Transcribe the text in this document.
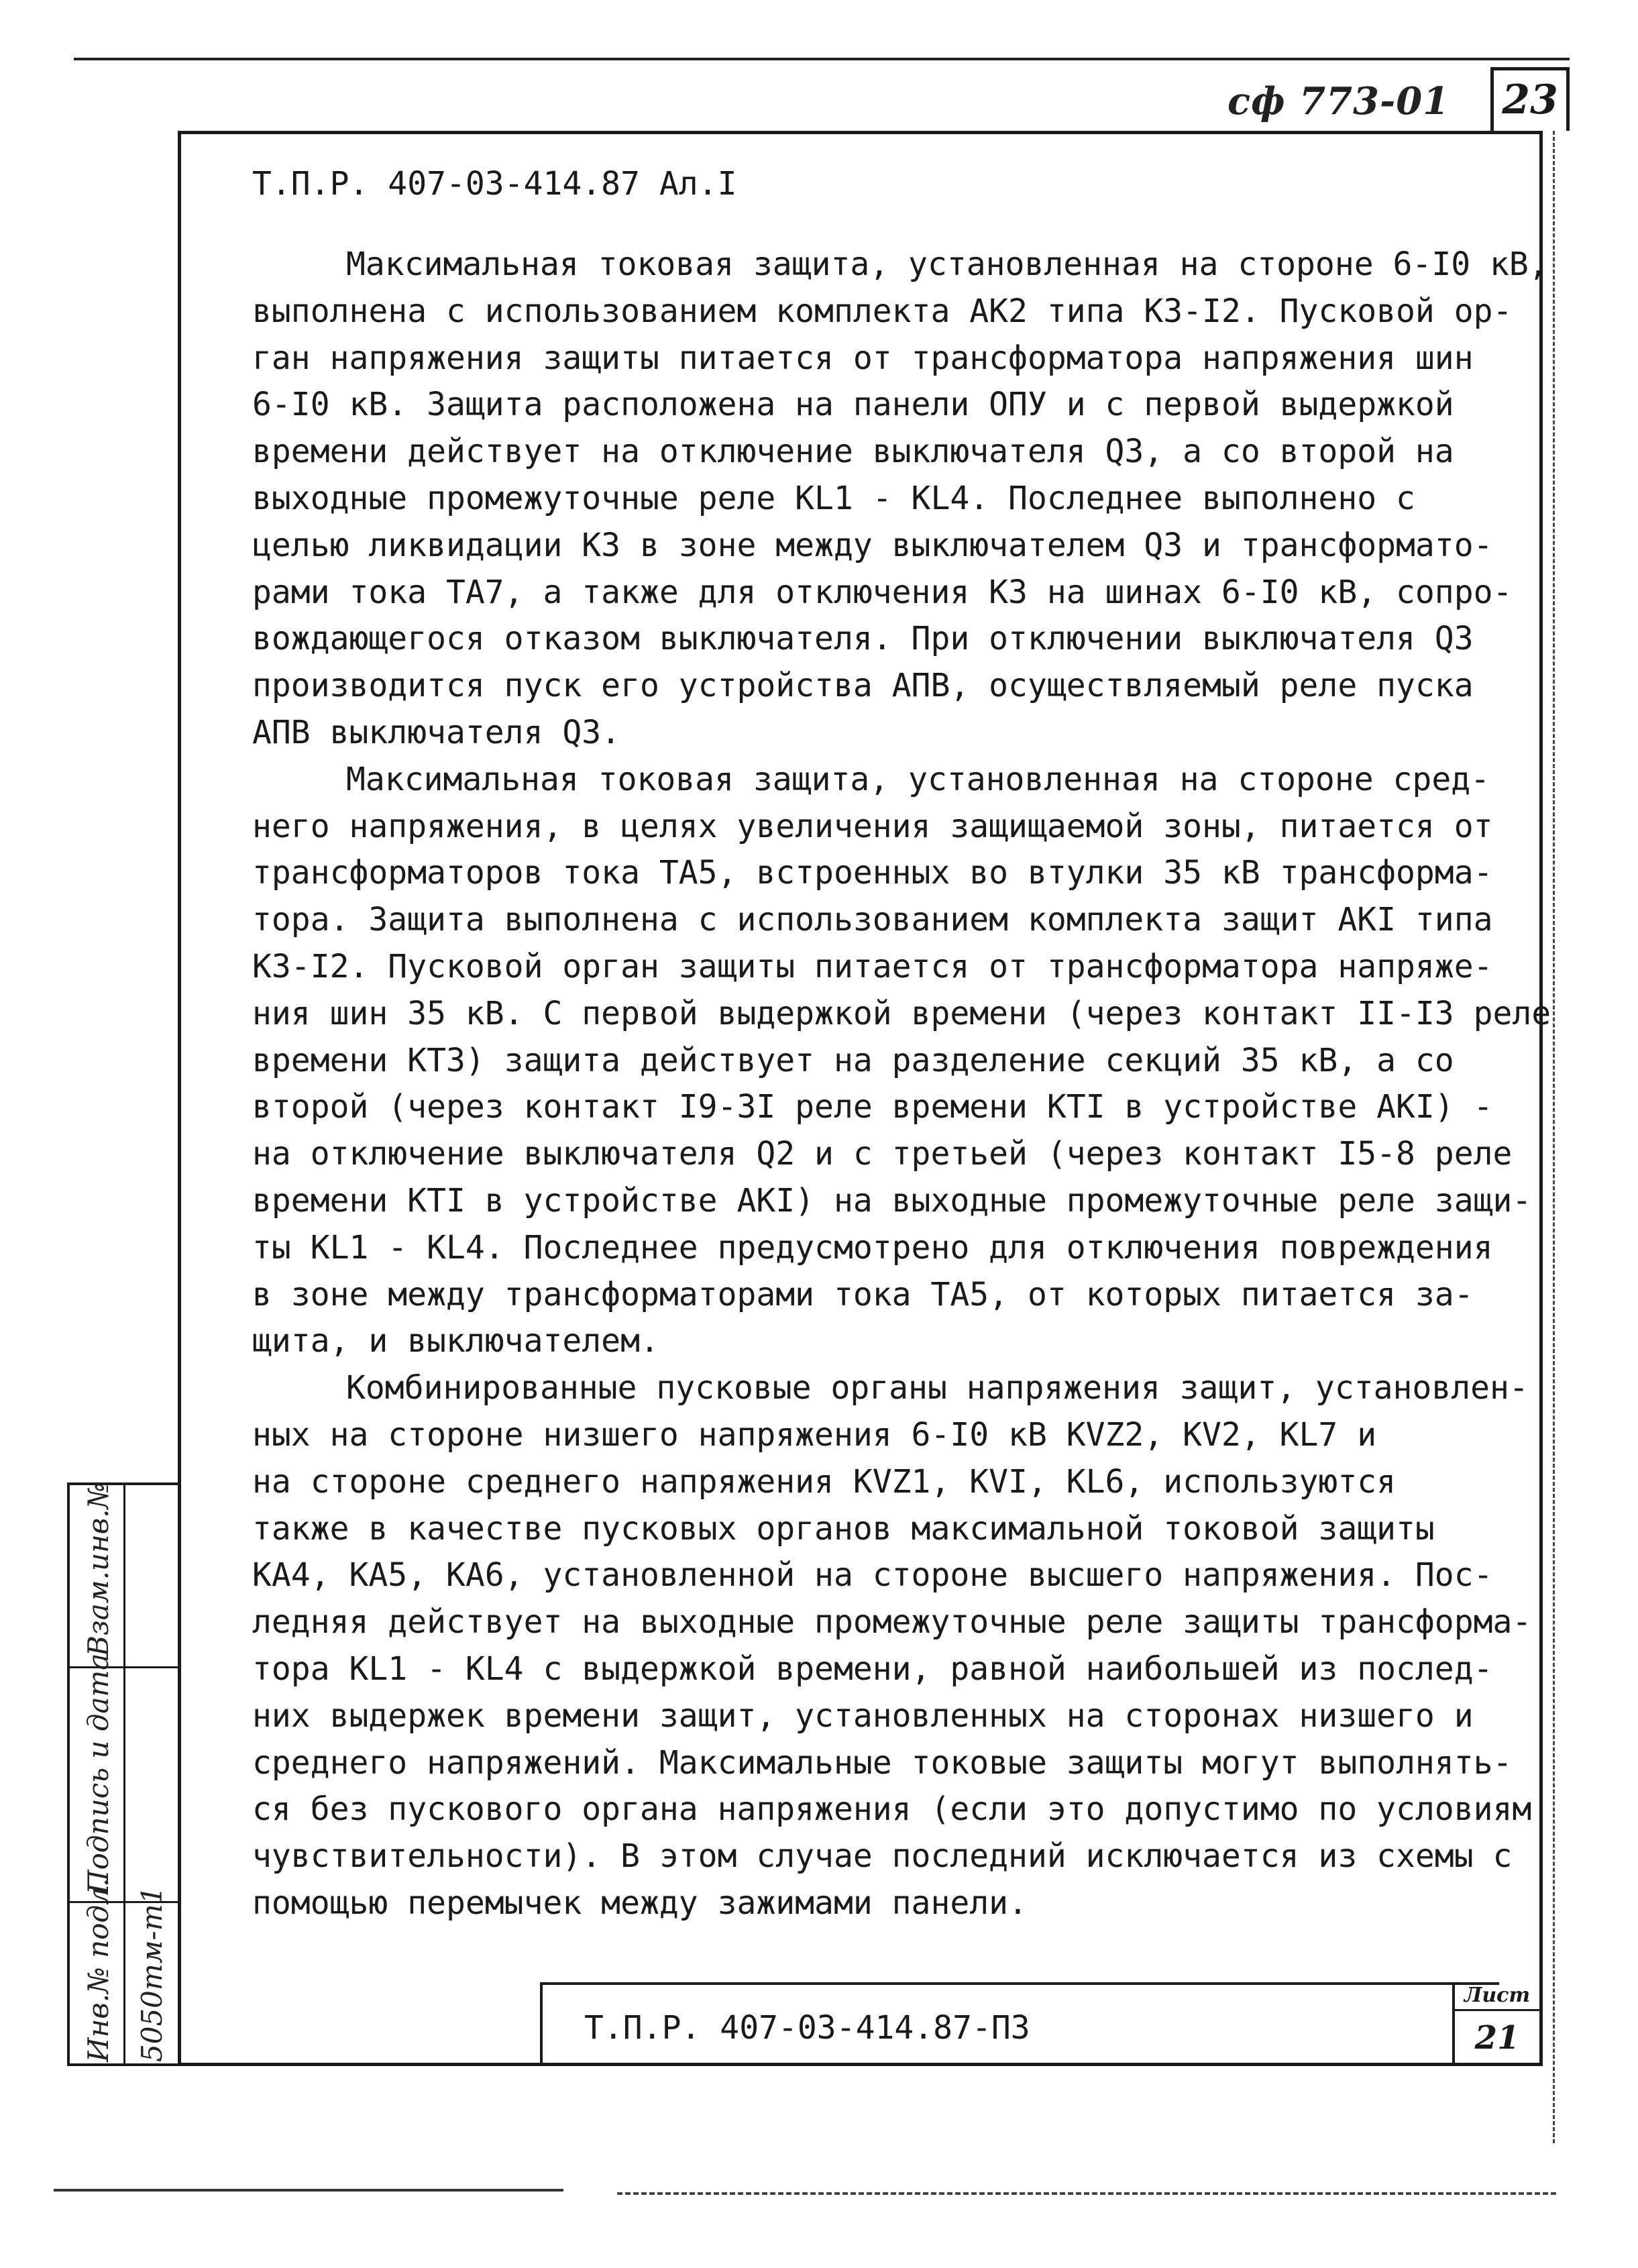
сф 773-01	23
Т.П.Р. 407-03-414.87 Ал.I
Максимальная токовая защита, установленная на стороне 6-I0 кВ,
выполнена с использованием комплекта АК2 типа КЗ-I2. Пусковой ор-
ган напряжения защиты питается от трансформатора напряжения шин
6-I0 кВ. Защита расположена на панели ОПУ и с первой выдержкой
времени действует на отключение выключателя Q3, а со второй на
выходные промежуточные реле KL1 - KL4. Последнее выполнено с
целью ликвидации КЗ в зоне между выключателем Q3 и трансформато-
рами тока ТА7, а также для отключения КЗ на шинах 6-I0 кВ, сопро-
вождающегося отказом выключателя. При отключении выключателя Q3
производится пуск его устройства АПВ, осуществляемый реле пуска
АПВ выключателя Q3.
Максимальная токовая защита, установленная на стороне сред-
него напряжения, в целях увеличения защищаемой зоны, питается от
трансформаторов тока ТА5, встроенных во втулки 35 кВ трансформа-
тора. Защита выполнена с использованием комплекта защит АКI типа
КЗ-I2. Пусковой орган защиты питается от трансформатора напряже-
ния шин 35 кВ. С первой выдержкой времени (через контакт II-I3 реле
времени КТЗ) защита действует на разделение секций 35 кВ, а со
второй (через контакт I9-3I реле времени КТI в устройстве АКI) -
на отключение выключателя Q2 и с третьей (через контакт I5-8 реле
времени КТI в устройстве АКI) на выходные промежуточные реле защи-
ты KL1 - KL4. Последнее предусмотрено для отключения повреждения
в зоне между трансформаторами тока ТА5, от которых питается за-
щита, и выключателем.
Комбинированные пусковые органы напряжения защит, установлен-
ных на стороне низшего напряжения 6-I0 кВ KVZ2, KV2, KL7 и
на стороне среднего напряжения KVZ1, KVI, KL6, используются
также в качестве пусковых органов максимальной токовой защиты
КА4, КА5, КА6, установленной на стороне высшего напряжения. Пос-
ледняя действует на выходные промежуточные реле защиты трансформа-
тора KL1 - KL4 с выдержкой времени, равной наибольшей из послед-
них выдержек времени защит, установленных на сторонах низшего и
среднего напряжений. Максимальные токовые защиты могут выполнять-
ся без пускового органа напряжения (если это допустимо по условиям
чувствительности). В этом случае последний исключается из схемы с
помощью перемычек между зажимами панели.
Взам.инв.№
Подпись и дата
Инв.№ подл. 5050тм-т1	Т.П.Р. 407-03-414.87-ПЗ
Лист
21
